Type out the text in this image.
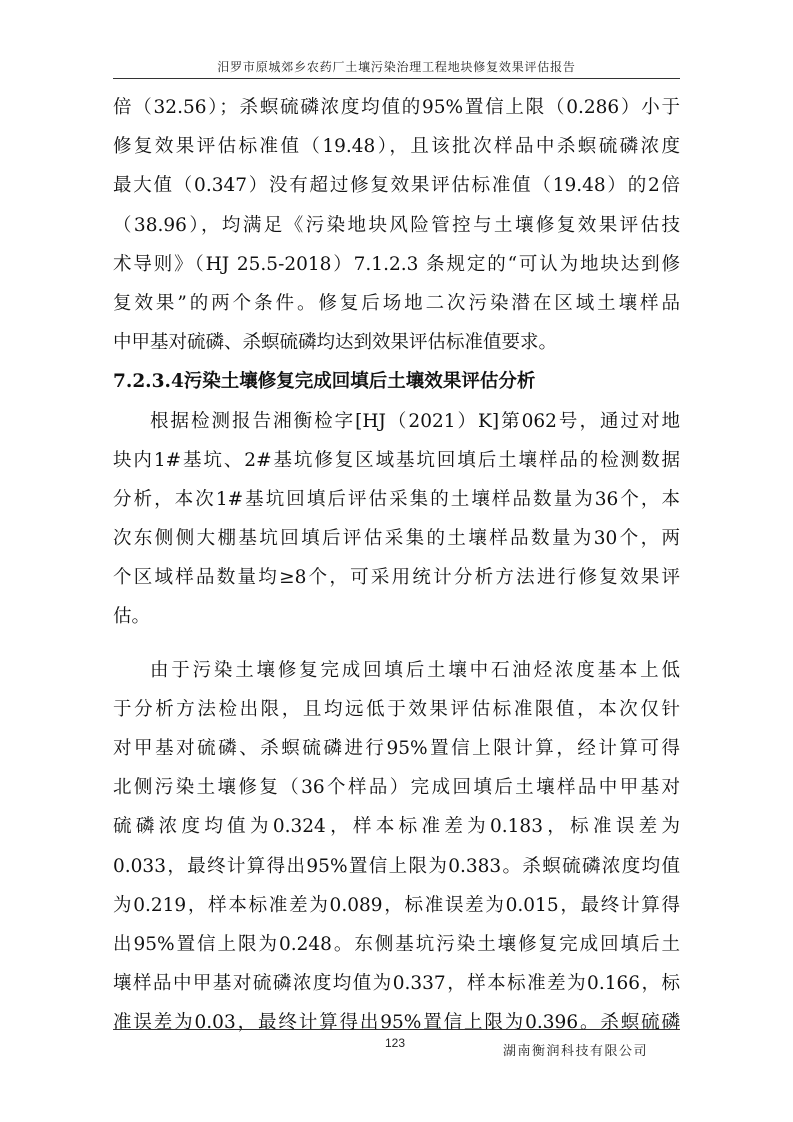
汨罗市原城郊乡农药厂土壤污染治理工程地块修复效果评估报告

倍（32.56）；杀螟硫磷浓度均值的95%置信上限（0.286）小于
修复效果评估标准值（19.48），且该批次样品中杀螟硫磷浓度
最大值（0.347）没有超过修复效果评估标准值（19.48）的2倍
（38.96），均满足《污染地块风险管控与土壤修复效果评估技
术导则》（HJ 25.5-2018）7.1.2.3 条规定的“可认为地块达到修
复效果”的两个条件。修复后场地二次污染潜在区域土壤样品
中甲基对硫磷、杀螟硫磷均达到效果评估标准值要求。

7.2.3.4污染土壤修复完成回填后土壤效果评估分析

根据检测报告湘衡检字[HJ（2021）K]第062号，通过对地
块内1#基坑、2#基坑修复区域基坑回填后土壤样品的检测数据
分析，本次1#基坑回填后评估采集的土壤样品数量为36个，本
次东侧侧大棚基坑回填后评估采集的土壤样品数量为30个，两
个区域样品数量均≥8个，可采用统计分析方法进行修复效果评
估。

由于污染土壤修复完成回填后土壤中石油烃浓度基本上低
于分析方法检出限，且均远低于效果评估标准限值，本次仅针
对甲基对硫磷、杀螟硫磷进行95%置信上限计算，经计算可得
北侧污染土壤修复（36个样品）完成回填后土壤样品中甲基对
硫磷浓度均值为0.324，样本标准差为0.183，标准误差为
0.033，最终计算得出95%置信上限为0.383。杀螟硫磷浓度均值
为0.219，样本标准差为0.089，标准误差为0.015，最终计算得
出95%置信上限为0.248。东侧基坑污染土壤修复完成回填后土
壤样品中甲基对硫磷浓度均值为0.337，样本标准差为0.166，标
准误差为0.03，最终计算得出95%置信上限为0.396。杀螟硫磷

123
湖南衡润科技有限公司
